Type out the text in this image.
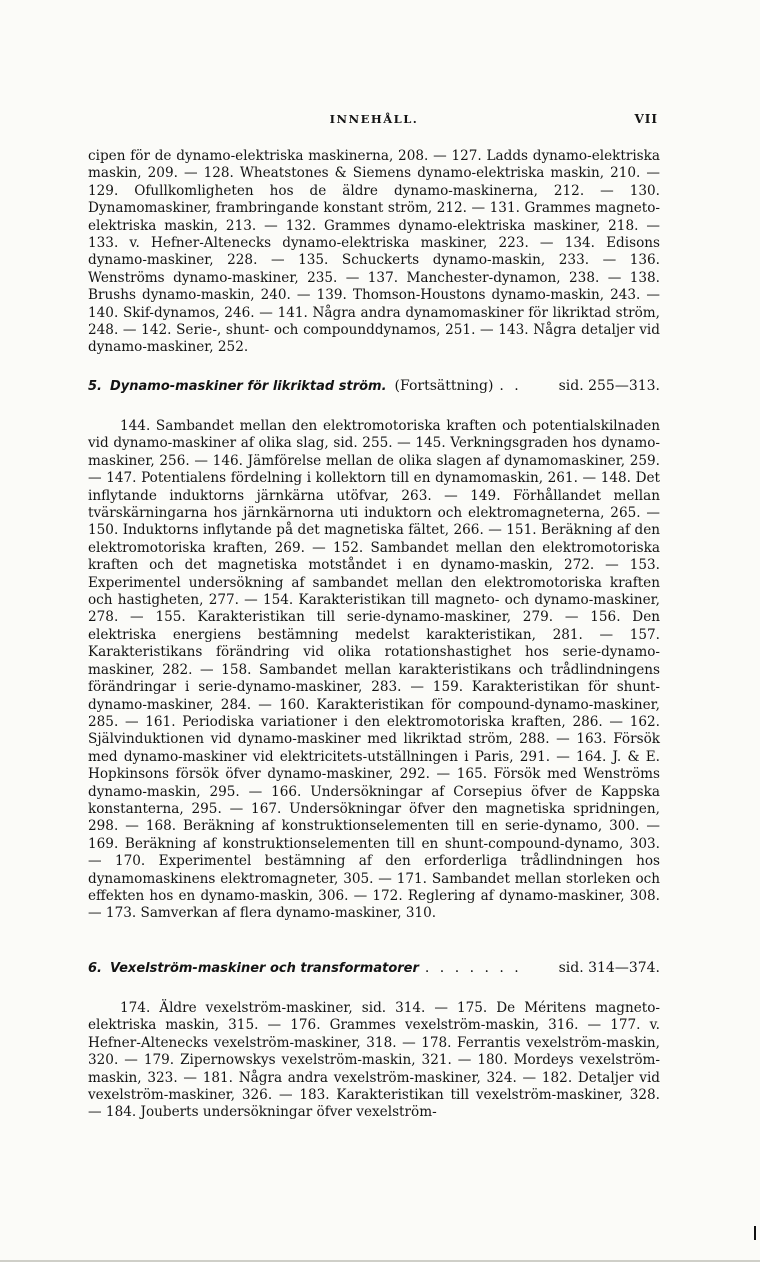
INNEHÅLL.	VII
cipen för de dynamo-elektriska maskinerna, 208. — 127. Ladds dynamo-elektriska maskin, 209. — 128. Wheatstones & Siemens dynamo-elektriska maskin, 210. — 129. Ofullkomligheten hos de äldre dynamo-maskinerna, 212. — 130. Dynamomaskiner, frambringande konstant ström, 212. — 131. Grammes magneto-elektriska maskin, 213. — 132. Grammes dynamo-elektriska maskiner, 218. — 133. v. Hefner-Altenecks dynamo-elektriska maskiner, 223. — 134. Edisons dynamo-maskiner, 228. — 135. Schuckerts dynamo-maskin, 233. — 136. Wenströms dynamo-maskiner, 235. — 137. Manchester-dynamon, 238. — 138. Brushs dynamo-maskin, 240. — 139. Thomson-Houstons dynamo-maskin, 243. — 140. Skif-dynamos, 246. — 141. Några andra dynamomaskiner för likriktad ström, 248. — 142. Serie-, shunt- och compounddynamos, 251. — 143. Några detaljer vid dynamo-maskiner, 252.
5. Dynamo-maskiner för likriktad ström. (Fortsättning) . .	sid. 255—313.
144. Sambandet mellan den elektromotoriska kraften och potentialskilnaden vid dynamo-maskiner af olika slag, sid. 255. — 145. Verkningsgraden hos dynamo-maskiner, 256. — 146. Jämförelse mellan de olika slagen af dynamomaskiner, 259. — 147. Potentialens fördelning i kollektorn till en dynamomaskin, 261. — 148. Det inflytande induktorns järnkärna utöfvar, 263. — 149. Förhållandet mellan tvärskärningarna hos järnkärnorna uti induktorn och elektromagneterna, 265. — 150. Induktorns inflytande på det magnetiska fältet, 266. — 151. Beräkning af den elektromotoriska kraften, 269. — 152. Sambandet mellan den elektromotoriska kraften och det magnetiska motståndet i en dynamo-maskin, 272. — 153. Experimentel undersökning af sambandet mellan den elektromotoriska kraften och hastigheten, 277. — 154. Karakteristikan till magneto- och dynamo-maskiner, 278. — 155. Karakteristikan till serie-dynamo-maskiner, 279. — 156. Den elektriska energiens bestämning medelst karakteristikan, 281. — 157. Karakteristikans förändring vid olika rotationshastighet hos serie-dynamo-maskiner, 282. — 158. Sambandet mellan karakteristikans och trådlindningens förändringar i serie-dynamo-maskiner, 283. — 159. Karakteristikan för shunt-dynamo-maskiner, 284. — 160. Karakteristikan för compound-dynamo-maskiner, 285. — 161. Periodiska variationer i den elektromotoriska kraften, 286. — 162. Självinduktionen vid dynamo-maskiner med likriktad ström, 288. — 163. Försök med dynamo-maskiner vid elektricitets-utställningen i Paris, 291. — 164. J. & E. Hopkinsons försök öfver dynamo-maskiner, 292. — 165. Försök med Wenströms dynamo-maskin, 295. — 166. Undersökningar af Corsepius öfver de Kappska konstanterna, 295. — 167. Undersökningar öfver den magnetiska spridningen, 298. — 168. Beräkning af konstruktionselementen till en serie-dynamo, 300. — 169. Beräkning af konstruktionselementen till en shunt-compound-dynamo, 303. — 170. Experimentel bestämning af den erforderliga trådlindningen hos dynamomaskinens elektromagneter, 305. — 171. Sambandet mellan storleken och effekten hos en dynamo-maskin, 306. — 172. Reglering af dynamo-maskiner, 308. — 173. Samverkan af flera dynamo-maskiner, 310.
6. Vexelström-maskiner och transformatorer . . . . . . .	sid. 314—374.
174. Äldre vexelström-maskiner, sid. 314. — 175. De Méritens magneto-elektriska maskin, 315. — 176. Grammes vexelström-maskin, 316. — 177. v. Hefner-Altenecks vexelström-maskiner, 318. — 178. Ferrantis vexelström-maskin, 320. — 179. Zipernowskys vexelström-maskin, 321. — 180. Mordeys vexelström-maskin, 323. — 181. Några andra vexelström-maskiner, 324. — 182. Detaljer vid vexelström-maskiner, 326. — 183. Karakteristikan till vexelström-maskiner, 328. — 184. Jouberts undersökningar öfver vexelström-
